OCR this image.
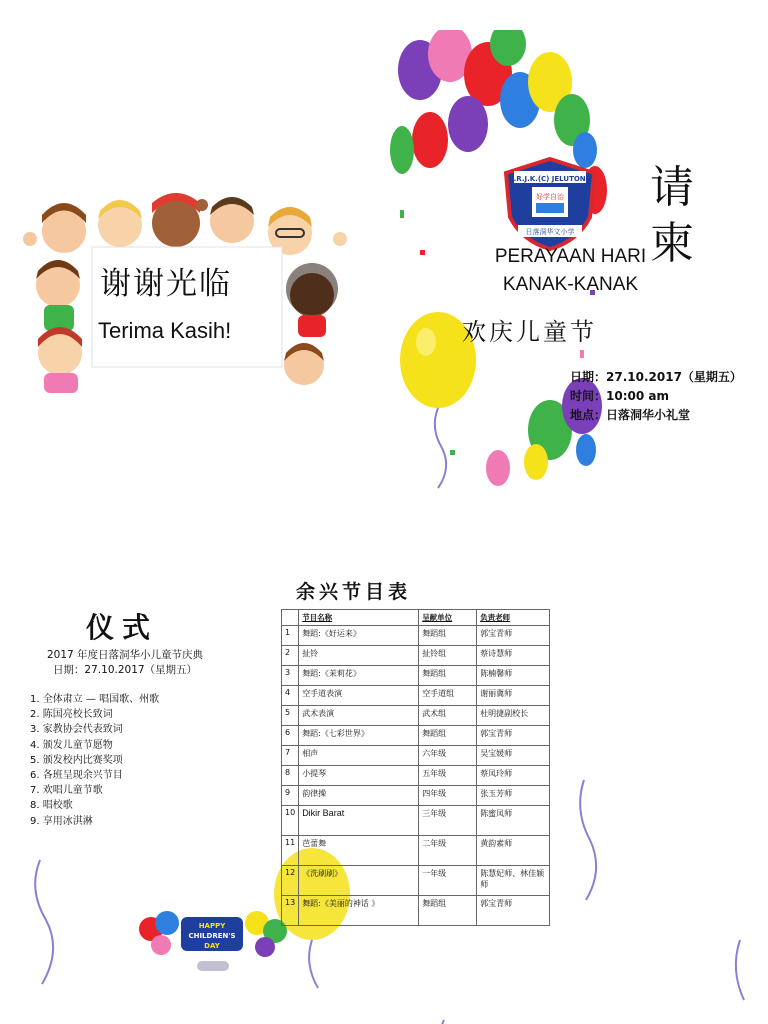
谢谢光临
Terima Kasih!
S.R.J.K.(C) JELUTONG
好学自治
日落洞华文小学
请
柬
PERAYAAN HARI
KANAK-KANAK
欢庆儿童节
日期：27.10.2017（星期五）
时间：10:00 am
地点：日落洞华小礼堂
仪式
2017 年度日落洞华小儿童节庆典
日期：27.10.2017（星期五）
1. 全体肃立 — 唱国歌、州歌
2. 陈国亮校长致词
3. 家教协会代表致词
4. 颁发儿童节愿物
5. 颁发校内比赛奖项
6. 各班呈现余兴节目
7. 欢唱儿童节歌
8. 唱校歌
9. 享用冰淇淋
HAPPY
CHILDREN'S
DAY
余兴节目表
	节目名称	呈献单位	负责老师
1	舞蹈:《好运来》	舞蹈组	郭宝青师
2	扯铃	扯铃组	蔡诗慧师
3	舞蹈:《茉莉花》	舞蹈组	陈楠馨师
4	空手道表演	空手道组	谢丽冀师
5	武术表演	武术组	杜明捷副校长
6	舞蹈:《七彩世界》	舞蹈组	郭宝青师
7	相声	六年级	吴宝媛师
8	小提琴	五年级	蔡凤玲师
9	韵律操	四年级	张玉芳师
10	Dikir Barat	三年级	陈蜜凤师
11	芭蕾舞	二年级	黄韵素师
12	《洗刷刷》	一年级	陈慧妃师、林佳颖师
13	舞蹈:《美丽的神话 》	舞蹈组	郭宝青师
